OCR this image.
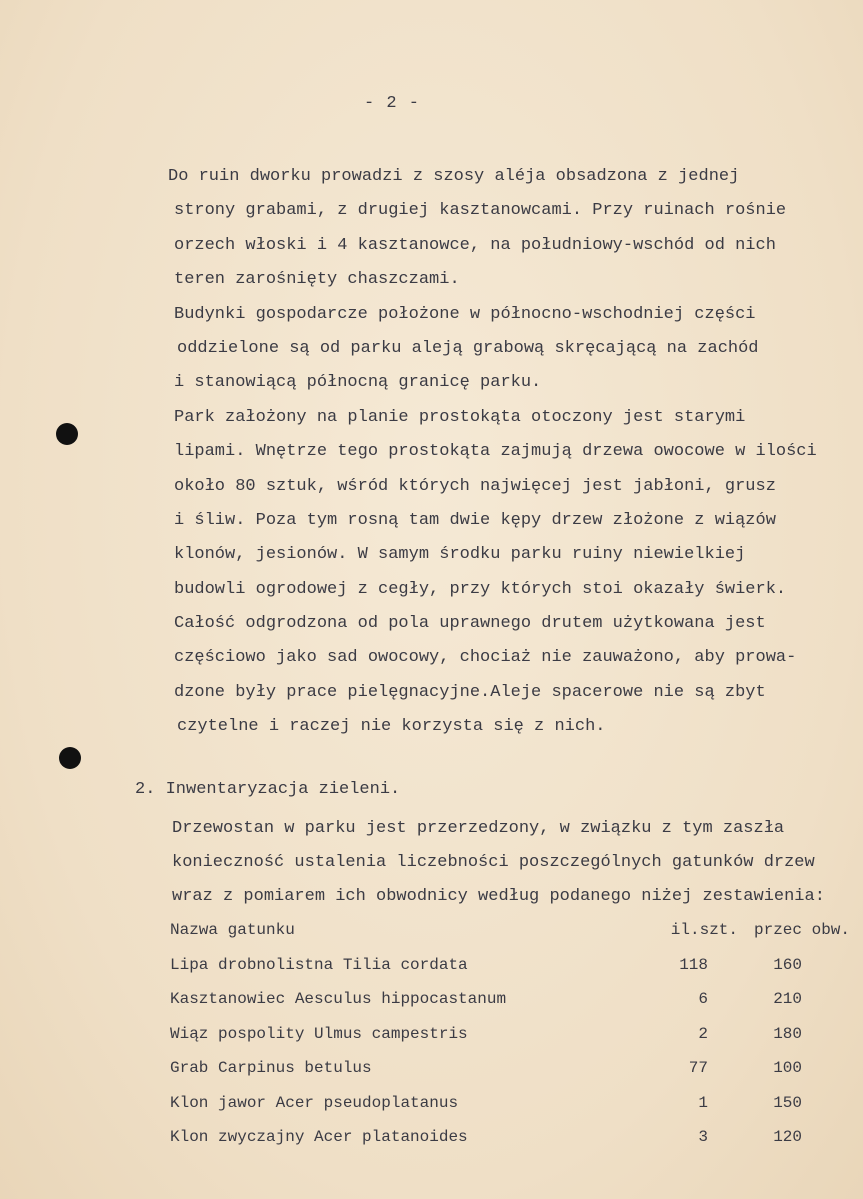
- 2 -
Do ruin dworku prowadzi z szosy aléja obsadzona z jednej
strony grabami, z drugiej kasztanowcami. Przy ruinach rośnie
orzech włoski i 4 kasztanowce, na południowy-wschód od nich
teren zarośnięty chaszczami.
Budynki gospodarcze położone w północno-wschodniej części
oddzielone są od parku aleją grabową skręcającą na zachód
i stanowiącą północną granicę parku.
Park założony na planie prostokąta otoczony jest starymi
lipami. Wnętrze tego prostokąta zajmują drzewa owocowe w ilości
około 80 sztuk, wśród których najwięcej jest jabłoni, grusz
i śliw. Poza tym rosną tam dwie kępy drzew złożone z wiązów
klonów, jesionów. W samym środku parku ruiny niewielkiej
budowli ogrodowej z cegły, przy których stoi okazały świerk.
Całość odgrodzona od pola uprawnego drutem użytkowana jest
częściowo jako sad owocowy, chociaż nie zauważono, aby prowa-
dzone były prace pielęgnacyjne.Aleje spacerowe nie są zbyt
czytelne i raczej nie korzysta się z nich.
2. Inwentaryzacja zieleni.
Drzewostan w parku jest przerzedzony, w związku z tym zaszła
konieczność ustalenia liczebności poszczególnych gatunków drzew
wraz z pomiarem ich obwodnicy według podanego niżej zestawienia:
Nazwa gatunku	il.szt. przec obw.
Lipa drobnolistna Tilia cordata	118	160
Kasztanowiec Aesculus hippocastanum	6	210
Wiąz pospolity Ulmus campestris	2	180
Grab Carpinus betulus	77	100
Klon jawor Acer pseudoplatanus	1	150
Klon zwyczajny Acer platanoides	3	120
